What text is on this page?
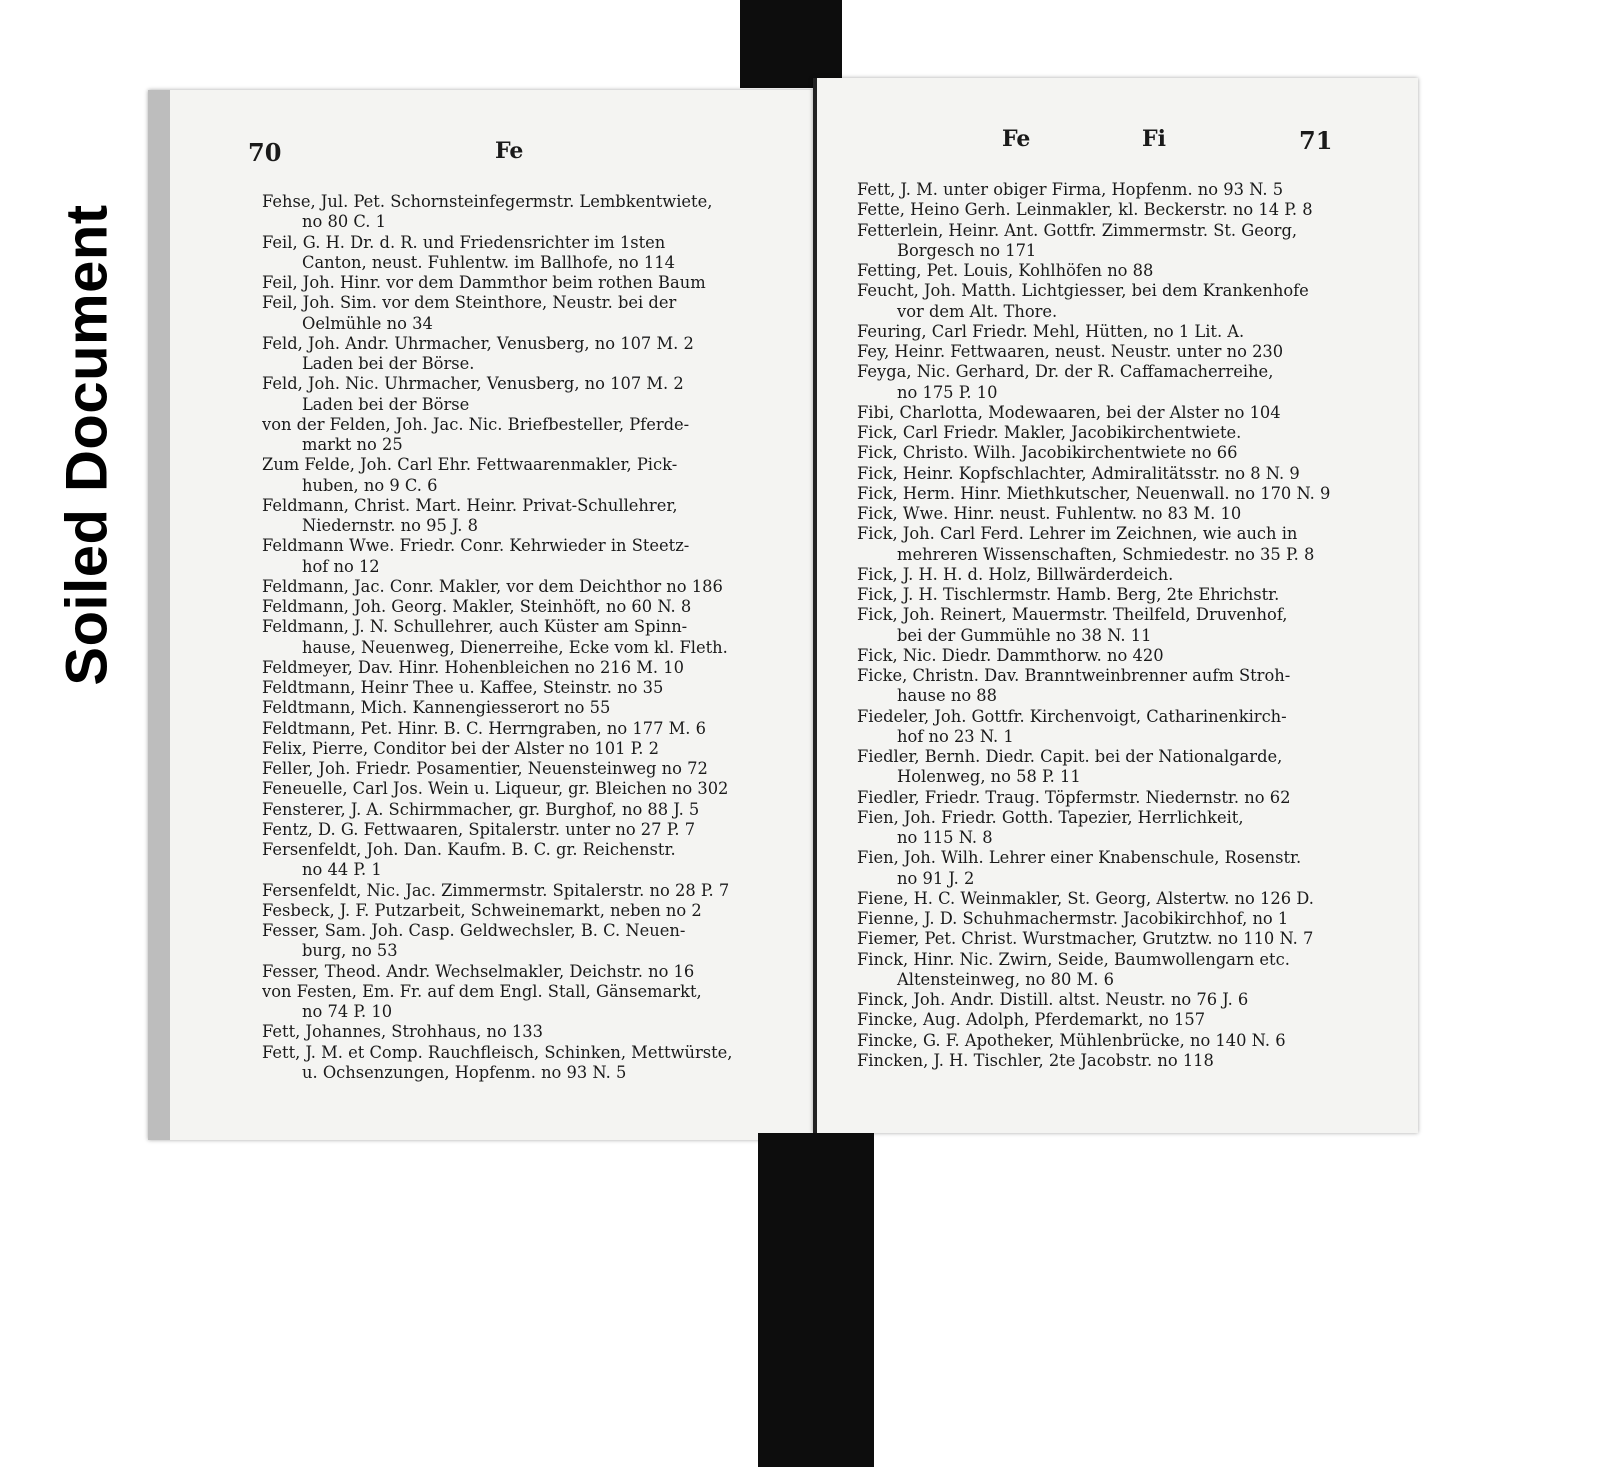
Soiled Document
70	Fe
Fehse, Jul. Pet. Schornsteinfegermstr. Lembkentwiete,
no 80 C. 1
Feil, G. H. Dr. d. R. und Friedensrichter im 1sten
Canton, neust. Fuhlentw. im Ballhofe, no 114
Feil, Joh. Hinr. vor dem Dammthor beim rothen Baum
Feil, Joh. Sim. vor dem Steinthore, Neustr. bei der
Oelmühle no 34
Feld, Joh. Andr. Uhrmacher, Venusberg, no 107 M. 2
Laden bei der Börse.
Feld, Joh. Nic. Uhrmacher, Venusberg, no 107 M. 2
Laden bei der Börse
von der Felden, Joh. Jac. Nic. Briefbesteller, Pferde-
markt no 25
Zum Felde, Joh. Carl Ehr. Fettwaarenmakler, Pick-
huben, no 9 C. 6
Feldmann, Christ. Mart. Heinr. Privat-Schullehrer,
Niedernstr. no 95 J. 8
Feldmann Wwe. Friedr. Conr. Kehrwieder in Steetz-
hof no 12
Feldmann, Jac. Conr. Makler, vor dem Deichthor no 186
Feldmann, Joh. Georg. Makler, Steinhöft, no 60 N. 8
Feldmann, J. N. Schullehrer, auch Küster am Spinn-
hause, Neuenweg, Dienerreihe, Ecke vom kl. Fleth.
Feldmeyer, Dav. Hinr. Hohenbleichen no 216 M. 10
Feldtmann, Heinr Thee u. Kaffee, Steinstr. no 35
Feldtmann, Mich. Kannengiesserort no 55
Feldtmann, Pet. Hinr. B. C. Herrngraben, no 177 M. 6
Felix, Pierre, Conditor bei der Alster no 101 P. 2
Feller, Joh. Friedr. Posamentier, Neuensteinweg no 72
Feneuelle, Carl Jos. Wein u. Liqueur, gr. Bleichen no 302
Fensterer, J. A. Schirmmacher, gr. Burghof, no 88 J. 5
Fentz, D. G. Fettwaaren, Spitalerstr. unter no 27 P. 7
Fersenfeldt, Joh. Dan. Kaufm. B. C. gr. Reichenstr.
no 44 P. 1
Fersenfeldt, Nic. Jac. Zimmermstr. Spitalerstr. no 28 P. 7
Fesbeck, J. F. Putzarbeit, Schweinemarkt, neben no 2
Fesser, Sam. Joh. Casp. Geldwechsler, B. C. Neuen-
burg, no 53
Fesser, Theod. Andr. Wechselmakler, Deichstr. no 16
von Festen, Em. Fr. auf dem Engl. Stall, Gänsemarkt,
no 74 P. 10
Fett, Johannes, Strohhaus, no 133
Fett, J. M. et Comp. Rauchfleisch, Schinken, Mettwürste,
u. Ochsenzungen, Hopfenm. no 93 N. 5
Fe	Fi	71
Fett, J. M. unter obiger Firma, Hopfenm. no 93 N. 5
Fette, Heino Gerh. Leinmakler, kl. Beckerstr. no 14 P. 8
Fetterlein, Heinr. Ant. Gottfr. Zimmermstr. St. Georg,
Borgesch no 171
Fetting, Pet. Louis, Kohlhöfen no 88
Feucht, Joh. Matth. Lichtgiesser, bei dem Krankenhofe
vor dem Alt. Thore.
Feuring, Carl Friedr. Mehl, Hütten, no 1 Lit. A.
Fey, Heinr. Fettwaaren, neust. Neustr. unter no 230
Feyga, Nic. Gerhard, Dr. der R. Caffamacherreihe,
no 175 P. 10
Fibi, Charlotta, Modewaaren, bei der Alster no 104
Fick, Carl Friedr. Makler, Jacobikirchentwiete.
Fick, Christo. Wilh. Jacobikirchentwiete no 66
Fick, Heinr. Kopfschlachter, Admiralitätsstr. no 8 N. 9
Fick, Herm. Hinr. Miethkutscher, Neuenwall. no 170 N. 9
Fick, Wwe. Hinr. neust. Fuhlentw. no 83 M. 10
Fick, Joh. Carl Ferd. Lehrer im Zeichnen, wie auch in
mehreren Wissenschaften, Schmiedestr. no 35 P. 8
Fick, J. H. H. d. Holz, Billwärderdeich.
Fick, J. H. Tischlermstr. Hamb. Berg, 2te Ehrichstr.
Fick, Joh. Reinert, Mauermstr. Theilfeld, Druvenhof,
bei der Gummühle no 38 N. 11
Fick, Nic. Diedr. Dammthorw. no 420
Ficke, Christn. Dav. Branntweinbrenner aufm Stroh-
hause no 88
Fiedeler, Joh. Gottfr. Kirchenvoigt, Catharinenkirch-
hof no 23 N. 1
Fiedler, Bernh. Diedr. Capit. bei der Nationalgarde,
Holenweg, no 58 P. 11
Fiedler, Friedr. Traug. Töpfermstr. Niedernstr. no 62
Fien, Joh. Friedr. Gotth. Tapezier, Herrlichkeit,
no 115 N. 8
Fien, Joh. Wilh. Lehrer einer Knabenschule, Rosenstr.
no 91 J. 2
Fiene, H. C. Weinmakler, St. Georg, Alstertw. no 126 D.
Fienne, J. D. Schuhmachermstr. Jacobikirchhof, no 1
Fiemer, Pet. Christ. Wurstmacher, Grutztw. no 110 N. 7
Finck, Hinr. Nic. Zwirn, Seide, Baumwollengarn etc.
Altensteinweg, no 80 M. 6
Finck, Joh. Andr. Distill. altst. Neustr. no 76 J. 6
Fincke, Aug. Adolph, Pferdemarkt, no 157
Fincke, G. F. Apotheker, Mühlenbrücke, no 140 N. 6
Fincken, J. H. Tischler, 2te Jacobstr. no 118
